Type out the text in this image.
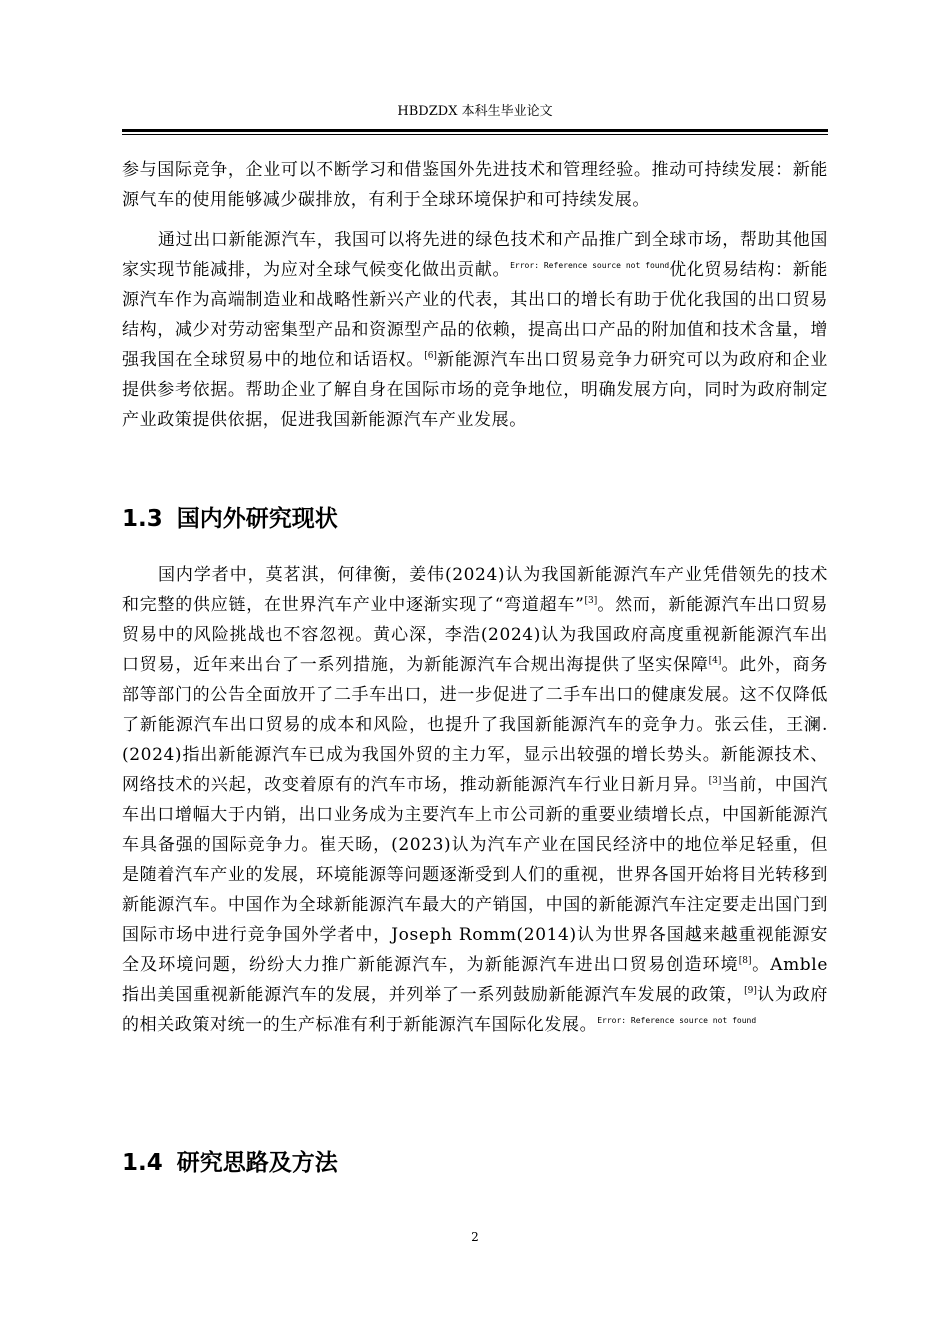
HBDZDX 本科生毕业论文

参与国际竞争，企业可以不断学习和借鉴国外先进技术和管理经验。推动可持续发展：新能源气车的使用能够减少碳排放，有利于全球环境保护和可持续发展。

通过出口新能源汽车，我国可以将先进的绿色技术和产品推广到全球市场，帮助其他国家实现节能减排，为应对全球气候变化做出贡献。$^{Error: Reference source not found}$优化贸易结构：新能源汽车作为高端制造业和战略性新兴产业的代表，其出口的增长有助于优化我国的出口贸易结构，减少对劳动密集型产品和资源型产品的依赖，提高出口产品的附加值和技术含量，增强我国在全球贸易中的地位和话语权。[6]新能源汽车出口贸易竞争力研究可以为政府和企业提供参考依据。帮助企业了解自身在国际市场的竞争地位，明确发展方向，同时为政府制定产业政策提供依据，促进我国新能源汽车产业发展。

1.3 国内外研究现状

国内学者中，莫茗淇，何律衡，姜伟(2024)认为我国新能源汽车产业凭借领先的技术和完整的供应链，在世界汽车产业中逐渐实现了“弯道超车”[3]。然而，新能源汽车出口贸易贸易中的风险挑战也不容忽视。黄心深，李浩(2024)认为我国政府高度重视新能源汽车出口贸易，近年来出台了一系列措施，为新能源汽车合规出海提供了坚实保障[4]。此外，商务部等部门的公告全面放开了二手车出口，进一步促进了二手车出口的健康发展。这不仅降低了新能源汽车出口贸易的成本和风险，也提升了我国新能源汽车的竞争力。张云佳，王澜. (2024)指出新能源汽车已成为我国外贸的主力军，显示出较强的增长势头。新能源技术、网络技术的兴起，改变着原有的汽车市场，推动新能源汽车行业日新月异。[3]当前，中国汽车出口增幅大于内销，出口业务成为主要汽车上市公司新的重要业绩增长点，中国新能源汽车具备强的国际竞争力。崔天旸，(2023)认为汽车产业在国民经济中的地位举足轻重，但是随着汽车产业的发展，环境能源等问题逐渐受到人们的重视，世界各国开始将目光转移到新能源汽车。中国作为全球新能源汽车最大的产销国，中国的新能源汽车注定要走出国门到国际市场中进行竞争国外学者中，Joseph Romm(2014)认为世界各国越来越重视能源安全及环境问题，纷纷大力推广新能源汽车，为新能源汽车进出口贸易创造环境[8]。Amble 指出美国重视新能源汽车的发展，并列举了一系列鼓励新能源汽车发展的政策，[9]认为政府的相关政策对统一的生产标准有利于新能源汽车国际化发展。$^{Error: Reference source not found}$

1.4 研究思路及方法
2
